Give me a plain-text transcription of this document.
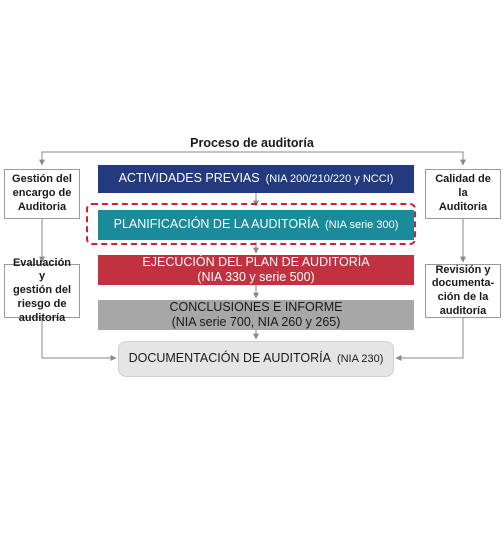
Proceso de auditoría
Gestión del
encargo de
Auditoria
Evaluación y
gestión del
riesgo de
auditoría
Calidad de la
Auditoria
Revisión y
documenta-
ción de la
auditoría
ACTIVIDADES PREVIAS (NIA 200/210/220 y NCCI)
PLANIFICACIÓN DE LA AUDITORÍA (NIA serie 300)
EJECUCIÓN DEL PLAN DE AUDITORÍA
(NIA 330 y serie 500)
CONCLUSIONES E INFORME
(NIA serie 700, NIA 260 y 265)
DOCUMENTACIÓN DE AUDITORÍA (NIA 230)
